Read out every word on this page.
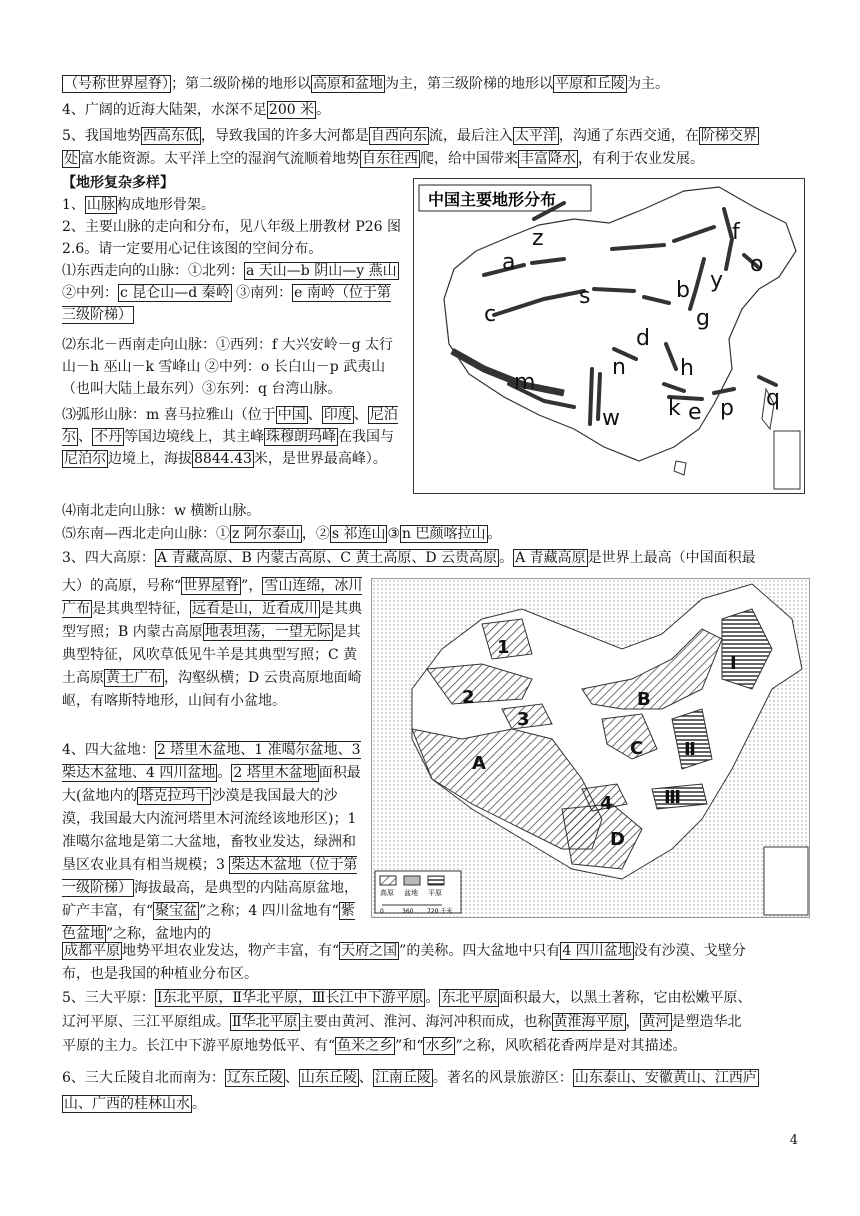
（号称世界屋脊） ；第二级阶梯的地形以 高原和盆地 为主，第三级阶梯的地形以 平原和丘陵 为主。
4、广阔的近海大陆架，水深不足 200 米 。
5、我国地势 西高东低 ，导致我国的许多大河都是 自西向东 流，最后注入 太平洋 ，沟通了东西交通，在 阶梯交界
处 富水能资源。太平洋上空的湿润气流顺着地势 自东往西 爬，给中国带来 丰富降水 ，有利于农业发展。
【地形复杂多样】
1、 山脉 构成地形骨架。
2、主要山脉的走向和分布，见八年级上册教材 P26 图 2.6。请一定要用心记住该图的空间分布。
⑴东西走向的山脉：①北列： a 天山—b 阴山—y 燕山 ②中列： c 昆仑山—d 秦岭 ③南列： e 南岭（位于第三级阶梯）
⑵东北－西南走向山脉：①西列：f 大兴安岭－g 太行山－h 巫山－k 雪峰山 ②中列：o 长白山－p 武夷山（也叫大陆上最东列）③东列：q 台湾山脉。
⑶弧形山脉：m 喜马拉雅山（位于 中国 、 印度 、 尼泊尔 、 不丹 等国边境线上，其主峰 珠穆朗玛峰 在我国与尼泊尔 边境上，海拔 8844.43 米，是世界最高峰）。
⑷南北走向山脉：w 横断山脉。
⑸东南—西北走向山脉：① z 阿尔泰山 ，② s 祁连山 ③ n 巴颜喀拉山 。
3、四大高原： A 青藏高原、B 内蒙古高原、C 黄土高原、D 云贵高原 。 A 青藏高原 是世界上最高（中国面积最
大）的高原，号称“ 世界屋脊 ”， 雪山连绵，冰川广布 是其典型特征， 远看是山，近看成川 是其典型写照；B 内蒙古高原 地表坦荡，一望无际 是其典型特征，风吹草低见牛羊是其典型写照；C 黄土高原 黄土广布 ，沟壑纵横；D 云贵高原地面崎岖，有喀斯特地形，山间有小盆地。
4、四大盆地： 2 塔里木盆地、1 准噶尔盆地、3 柴达木盆地、4 四川盆地 。 2 塔里木盆地 面积最大(盆地内的 塔克拉玛干 沙漠是我国最大的沙漠，我国最大内流河塔里木河流经该地形区)；1 准噶尔盆地是第二大盆地，畜牧业发达，绿洲和垦区农业具有相当规模；3 柴达木盆地（位于第一级阶梯） 海拔最高，是典型的内陆高原盆地，矿产丰富，有“ 聚宝盆 ”之称；4 四川盆地有“ 紫色盆地 ”之称，盆地内的
成都平原 地势平坦农业发达，物产丰富，有“ 天府之国 ”的美称。四大盆地中只有 4 四川盆地 没有沙漠、戈壁分
布，也是我国的种植业分布区。
5、三大平原： Ⅰ东北平原，Ⅱ华北平原，Ⅲ长江中下游平原 。 东北平原 面积最大，以黑土著称，它由松嫩平原、
辽河平原、三江平原组成。 Ⅱ华北平原 主要由黄河、淮河、海河冲积而成，也称 黄淮海平原 ， 黄河 是塑造华北
平原的主力。长江中下游平原地势低平、有“ 鱼米之乡 ”和“ 水乡 ”之称，风吹稻花香两岸是对其描述。
6、三大丘陵自北而南为： 辽东丘陵 、 山东丘陵 、 江南丘陵 。著名的风景旅游区： 山东泰山、安徽黄山、江西庐
山、广西的桂林山水 。
4
中国主要地形分布
z
a
f
o
y
s	b
c	g
d
n h
m
w k e p q
1
2
3
4
A
B
C
D
Ⅰ
Ⅱ
Ⅲ
高原 盆地 平原
0	360 720 千米
